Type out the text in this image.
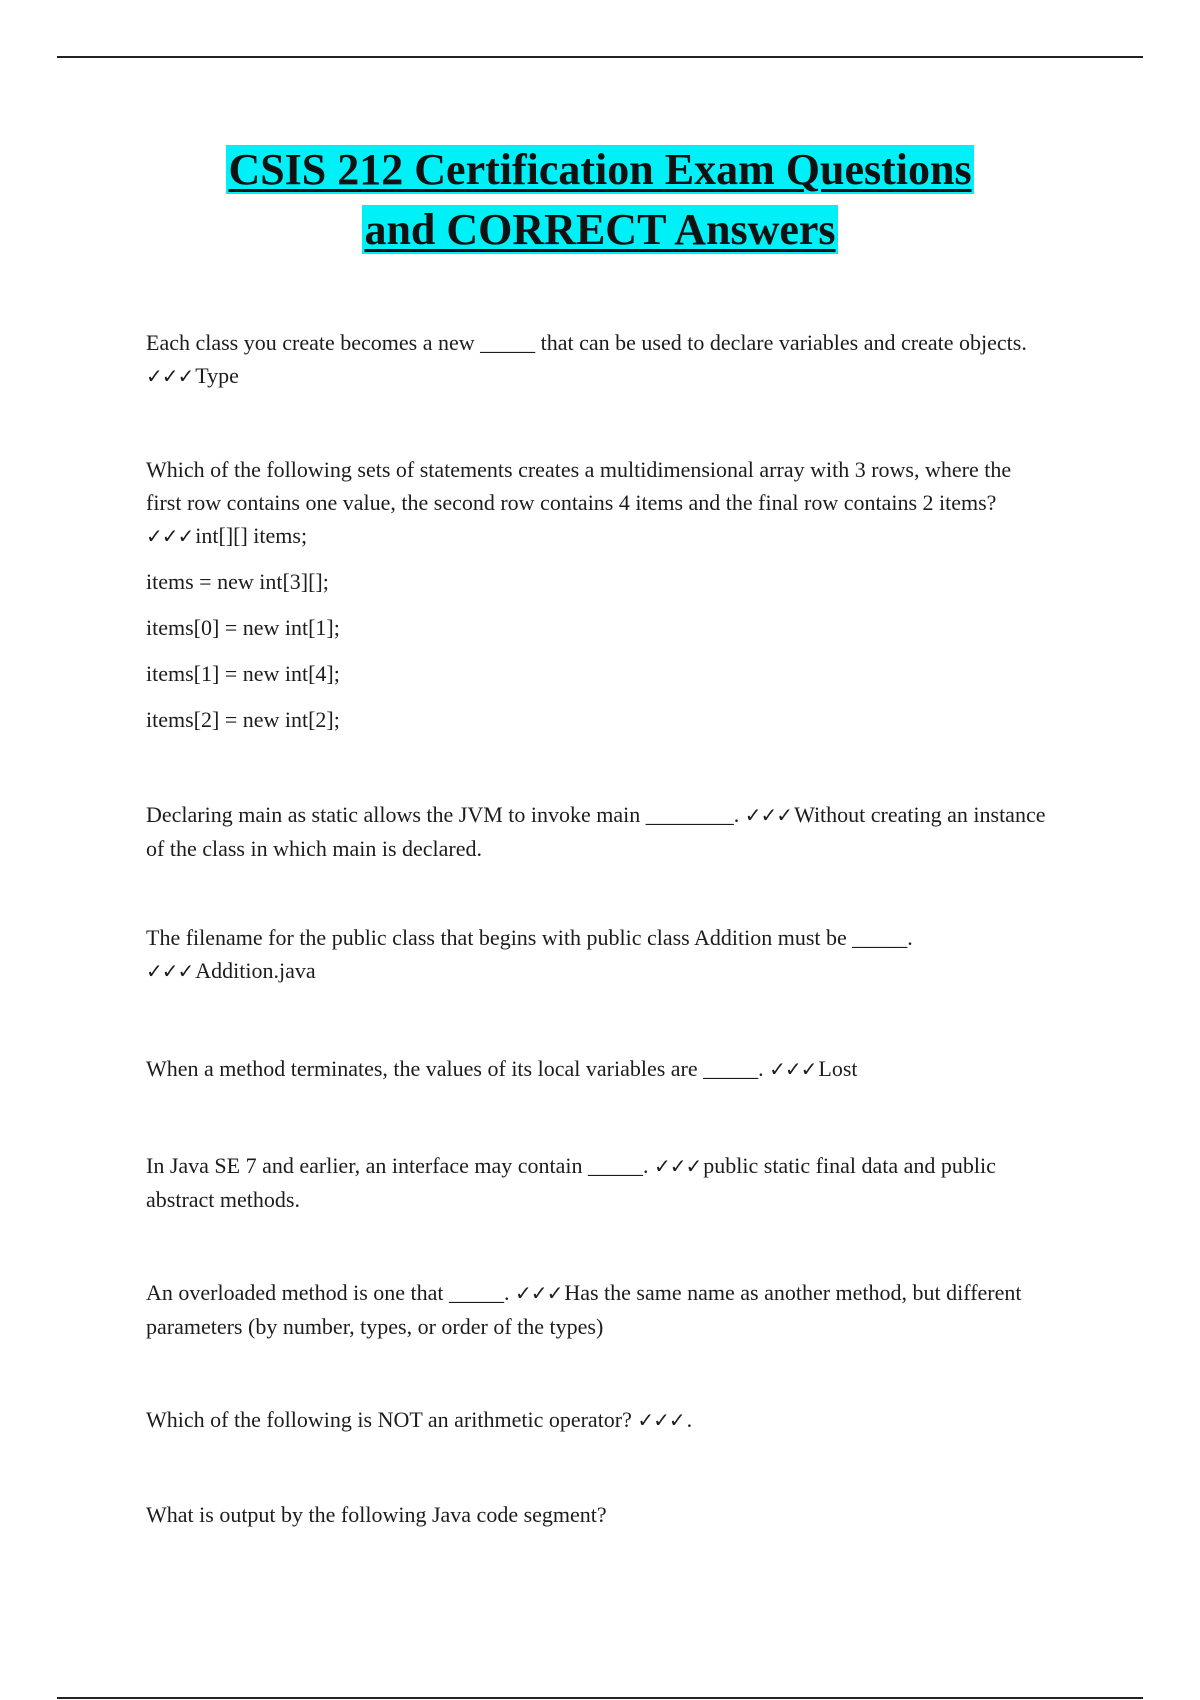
CSIS 212 Certification Exam Questions
and CORRECT Answers

Each class you create becomes a new _____ that can be used to declare variables and create objects. ✓✓✓Type

Which of the following sets of statements creates a multidimensional array with 3 rows, where the first row contains one value, the second row contains 4 items and the final row contains 2 items? ✓✓✓int[][] items;

items = new int[3][];

items[0] = new int[1];

items[1] = new int[4];

items[2] = new int[2];

Declaring main as static allows the JVM to invoke main ________. ✓✓✓Without creating an instance of the class in which main is declared.

The filename for the public class that begins with public class Addition must be _____. ✓✓✓Addition.java

When a method terminates, the values of its local variables are _____. ✓✓✓Lost

In Java SE 7 and earlier, an interface may contain _____. ✓✓✓public static final data and public abstract methods.

An overloaded method is one that _____. ✓✓✓Has the same name as another method, but different parameters (by number, types, or order of the types)

Which of the following is NOT an arithmetic operator? ✓✓✓.

What is output by the following Java code segment?
